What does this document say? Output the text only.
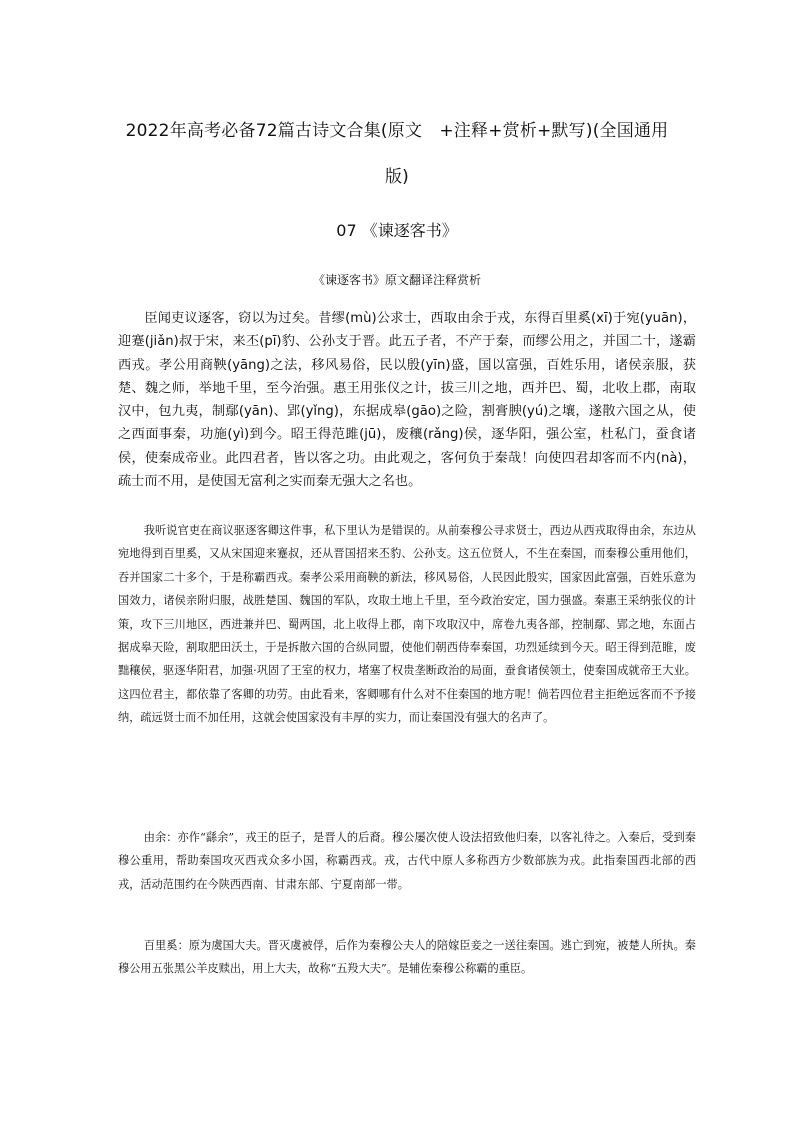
2022年高考必备72篇古诗文合集(原文　+注释+赏析+默写)(全国通用
版)
07 《谏逐客书》
《谏逐客书》原文翻译注释赏析

臣闻吏议逐客，窃以为过矣。昔缪(mù)公求士，西取由余于戎，东得百里奚(xī)于宛(yuān)，迎蹇(jiǎn)叔于宋，来丕(pī)豹、公孙支于晋。此五子者，不产于秦，而缪公用之，并国二十，遂霸西戎。孝公用商鞅(yāng)之法，移风易俗，民以殷(yīn)盛，国以富强，百姓乐用，诸侯亲服，获楚、魏之师，举地千里，至今治强。惠王用张仪之计，拔三川之地，西并巴、蜀，北收上郡，南取汉中，包九夷，制鄢(yān)、郢(yǐng)，东据成皋(gāo)之险，割膏腴(yú)之壤，遂散六国之从，使之西面事秦，功施(yì)到今。昭王得范雎(jū)，废穰(rǎng)侯，逐华阳，强公室，杜私门，蚕食诸侯，使秦成帝业。此四君者，皆以客之功。由此观之，客何负于秦哉！向使四君却客而不内(nà)，疏士而不用，是使国无富利之实而秦无强大之名也。

我听说官吏在商议驱逐客卿这件事，私下里认为是错误的。从前秦穆公寻求贤士，西边从西戎取得由余，东边从宛地得到百里奚，又从宋国迎来蹇叔，还从晋国招来丕豹、公孙支。这五位贤人，不生在秦国，而秦穆公重用他们，吞并国家二十多个，于是称霸西戎。秦孝公采用商鞅的新法，移风易俗，人民因此殷实，国家因此富强，百姓乐意为国效力，诸侯亲附归服，战胜楚国、魏国的军队，攻取土地上千里，至今政治安定，国力强盛。秦惠王采纳张仪的计策，攻下三川地区，西进兼并巴、蜀两国，北上收得上郡，南下攻取汉中，席卷九夷各部，控制鄢、郢之地，东面占据成皋天险，割取肥田沃土，于是拆散六国的合纵同盟，使他们朝西侍奉秦国，功烈延续到今天。昭王得到范睢，废黜穰侯，驱逐华阳君，加强·巩固了王室的权力，堵塞了权贵垄断政治的局面，蚕食诸侯领土，使秦国成就帝王大业。这四位君主，都依靠了客卿的功劳。由此看来，客卿哪有什么对不住秦国的地方呢！倘若四位君主拒绝远客而不予接纳，疏远贤士而不加任用，这就会使国家没有丰厚的实力，而让秦国没有强大的名声了。

由余：亦作“繇余”，戎王的臣子，是晋人的后裔。穆公屡次使人设法招致他归秦，以客礼待之。入秦后，受到秦穆公重用，帮助秦国攻灭西戎众多小国，称霸西戎。戎，古代中原人多称西方少数部族为戎。此指秦国西北部的西戎，活动范围约在今陕西西南、甘肃东部、宁夏南部一带。

百里奚：原为虞国大夫。晋灭虞被俘，后作为秦穆公夫人的陪嫁臣妾之一送往秦国。逃亡到宛，被楚人所执。秦穆公用五张黑公羊皮赎出，用上大夫，故称“五羖大夫”。是辅佐秦穆公称霸的重臣。
